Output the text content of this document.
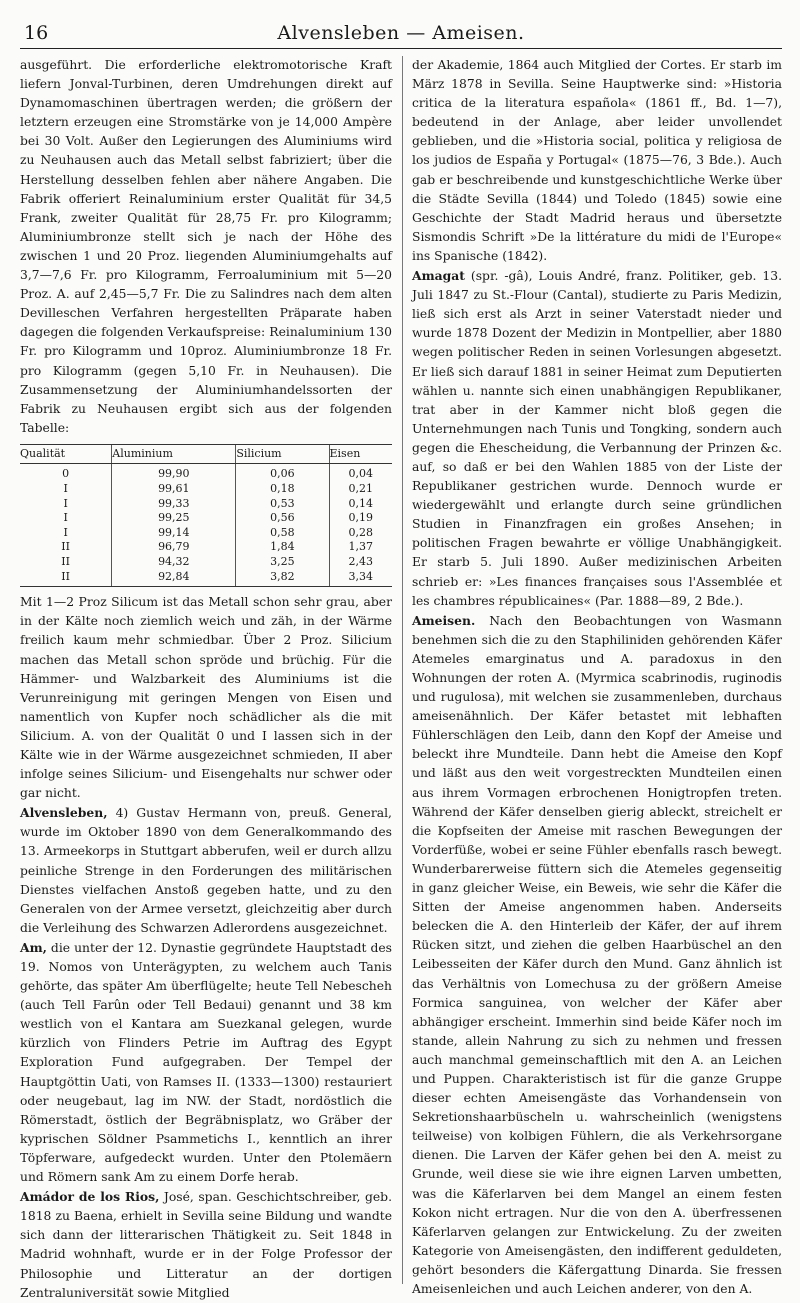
16	Alvensleben — Ameisen.

ausgeführt. Die erforderliche elektromotorische Kraft liefern Jonval-Turbinen, deren Umdrehungen direkt auf Dynamomaschinen übertragen werden; die größern der letztern erzeugen eine Stromstärke von je 14,000 Ampère bei 30 Volt. Außer den Legierungen des Aluminiums wird zu Neuhausen auch das Metall selbst fabriziert; über die Herstellung desselben fehlen aber nähere Angaben. Die Fabrik offeriert Reinaluminium erster Qualität für 34,5 Frank, zweiter Qualität für 28,75 Fr. pro Kilogramm; Aluminiumbronze stellt sich je nach der Höhe des zwischen 1 und 20 Proz. liegenden Aluminiumgehalts auf 3,7—7,6 Fr. pro Kilogramm, Ferroaluminium mit 5—20 Proz. A. auf 2,45—5,7 Fr. Die zu Salindres nach dem alten Devilleschen Verfahren hergestellten Präparate haben dagegen die folgenden Verkaufspreise: Reinaluminium 130 Fr. pro Kilogramm und 10proz. Aluminiumbronze 18 Fr. pro Kilogramm (gegen 5,10 Fr. in Neuhausen). Die Zusammensetzung der Aluminiumhandelssorten der Fabrik zu Neuhausen ergibt sich aus der folgenden Tabelle:

Qualität	Aluminium	Silicium	Eisen
0	99,90	0,06	0,04
I	99,61	0,18	0,21
I	99,33	0,53	0,14
I	99,25	0,56	0,19
I	99,14	0,58	0,28
II	96,79	1,84	1,37
II	94,32	3,25	2,43
II	92,84	3,82	3,34

Mit 1—2 Proz Silicum ist das Metall schon sehr grau, aber in der Kälte noch ziemlich weich und zäh, in der Wärme freilich kaum mehr schmiedbar. Über 2 Proz. Silicium machen das Metall schon spröde und brüchig. Für die Hämmer- und Walzbarkeit des Aluminiums ist die Verunreinigung mit geringen Mengen von Eisen und namentlich von Kupfer noch schädlicher als die mit Silicium. A. von der Qualität 0 und I lassen sich in der Kälte wie in der Wärme ausgezeichnet schmieden, II aber infolge seines Silicium- und Eisengehalts nur schwer oder gar nicht.

Alvensleben, 4) Gustav Hermann von, preuß. General, wurde im Oktober 1890 von dem Generalkommando des 13. Armeekorps in Stuttgart abberufen, weil er durch allzu peinliche Strenge in den Forderungen des militärischen Dienstes vielfachen Anstoß gegeben hatte, und zu den Generalen von der Armee versetzt, gleichzeitig aber durch die Verleihung des Schwarzen Adlerordens ausgezeichnet.

Am, die unter der 12. Dynastie gegründete Hauptstadt des 19. Nomos von Unterägypten, zu welchem auch Tanis gehörte, das später Am überflügelte; heute Tell Nebescheh (auch Tell Farûn oder Tell Bedaui) genannt und 38 km westlich von el Kantara am Suezkanal gelegen, wurde kürzlich von Flinders Petrie im Auftrag des Egypt Exploration Fund aufgegraben. Der Tempel der Hauptgöttin Uati, von Ramses II. (1333—1300) restauriert oder neugebaut, lag im NW. der Stadt, nordöstlich die Römerstadt, östlich der Begräbnisplatz, wo Gräber der kyprischen Söldner Psammetichs I., kenntlich an ihrer Töpferware, aufgedeckt wurden. Unter den Ptolemäern und Römern sank Am zu einem Dorfe herab.

Amádor de los Rios, José, span. Geschichtschreiber, geb. 1818 zu Baena, erhielt in Sevilla seine Bildung und wandte sich dann der litterarischen Thätigkeit zu. Seit 1848 in Madrid wohnhaft, wurde er in der Folge Professor der Philosophie und Litteratur an der dortigen Zentraluniversität sowie Mitglied

der Akademie, 1864 auch Mitglied der Cortes. Er starb im März 1878 in Sevilla. Seine Hauptwerke sind: »Historia critica de la literatura española« (1861 ff., Bd. 1—7), bedeutend in der Anlage, aber leider unvollendet geblieben, und die »Historia social, politica y religiosa de los judios de España y Portugal« (1875—76, 3 Bde.). Auch gab er beschreibende und kunstgeschichtliche Werke über die Städte Sevilla (1844) und Toledo (1845) sowie eine Geschichte der Stadt Madrid heraus und übersetzte Sismondis Schrift »De la littérature du midi de l'Europe« ins Spanische (1842).

Amagat (spr. -gâ), Louis André, franz. Politiker, geb. 13. Juli 1847 zu St.-Flour (Cantal), studierte zu Paris Medizin, ließ sich erst als Arzt in seiner Vaterstadt nieder und wurde 1878 Dozent der Medizin in Montpellier, aber 1880 wegen politischer Reden in seinen Vorlesungen abgesetzt. Er ließ sich darauf 1881 in seiner Heimat zum Deputierten wählen u. nannte sich einen unabhängigen Republikaner, trat aber in der Kammer nicht bloß gegen die Unternehmungen nach Tunis und Tongking, sondern auch gegen die Ehescheidung, die Verbannung der Prinzen &c. auf, so daß er bei den Wahlen 1885 von der Liste der Republikaner gestrichen wurde. Dennoch wurde er wiedergewählt und erlangte durch seine gründlichen Studien in Finanzfragen ein großes Ansehen; in politischen Fragen bewahrte er völlige Unabhängigkeit. Er starb 5. Juli 1890. Außer medizinischen Arbeiten schrieb er: »Les finances françaises sous l'Assemblée et les chambres républicaines« (Par. 1888—89, 2 Bde.).

Ameisen. Nach den Beobachtungen von Wasmann benehmen sich die zu den Staphiliniden gehörenden Käfer Atemeles emarginatus und A. paradoxus in den Wohnungen der roten A. (Myrmica scabrinodis, ruginodis und rugulosa), mit welchen sie zusammenleben, durchaus ameisenähnlich. Der Käfer betastet mit lebhaften Fühlerschlägen den Leib, dann den Kopf der Ameise und beleckt ihre Mundteile. Dann hebt die Ameise den Kopf und läßt aus den weit vorgestreckten Mundteilen einen aus ihrem Vormagen erbrochenen Honigtropfen treten. Während der Käfer denselben gierig ableckt, streichelt er die Kopfseiten der Ameise mit raschen Bewegungen der Vorderfüße, wobei er seine Fühler ebenfalls rasch bewegt. Wunderbarerweise füttern sich die Atemeles gegenseitig in ganz gleicher Weise, ein Beweis, wie sehr die Käfer die Sitten der Ameise angenommen haben. Anderseits belecken die A. den Hinterleib der Käfer, der auf ihrem Rücken sitzt, und ziehen die gelben Haarbüschel an den Leibesseiten der Käfer durch den Mund. Ganz ähnlich ist das Verhältnis von Lomechusa zu der größern Ameise Formica sanguinea, von welcher der Käfer aber abhängiger erscheint. Immerhin sind beide Käfer noch im stande, allein Nahrung zu sich zu nehmen und fressen auch manchmal gemeinschaftlich mit den A. an Leichen und Puppen. Charakteristisch ist für die ganze Gruppe dieser echten Ameisengäste das Vorhandensein von Sekretionshaarbüscheln u. wahrscheinlich (wenigstens teilweise) von kolbigen Fühlern, die als Verkehrsorgane dienen. Die Larven der Käfer gehen bei den A. meist zu Grunde, weil diese sie wie ihre eignen Larven umbetten, was die Käferlarven bei dem Mangel an einem festen Kokon nicht ertragen. Nur die von den A. überfressenen Käferlarven gelangen zur Entwickelung. Zu der zweiten Kategorie von Ameisengästen, den indifferent geduldeten, gehört besonders die Käfergattung Dinarda. Sie fressen Ameisenleichen und auch Leichen anderer, von den A.
